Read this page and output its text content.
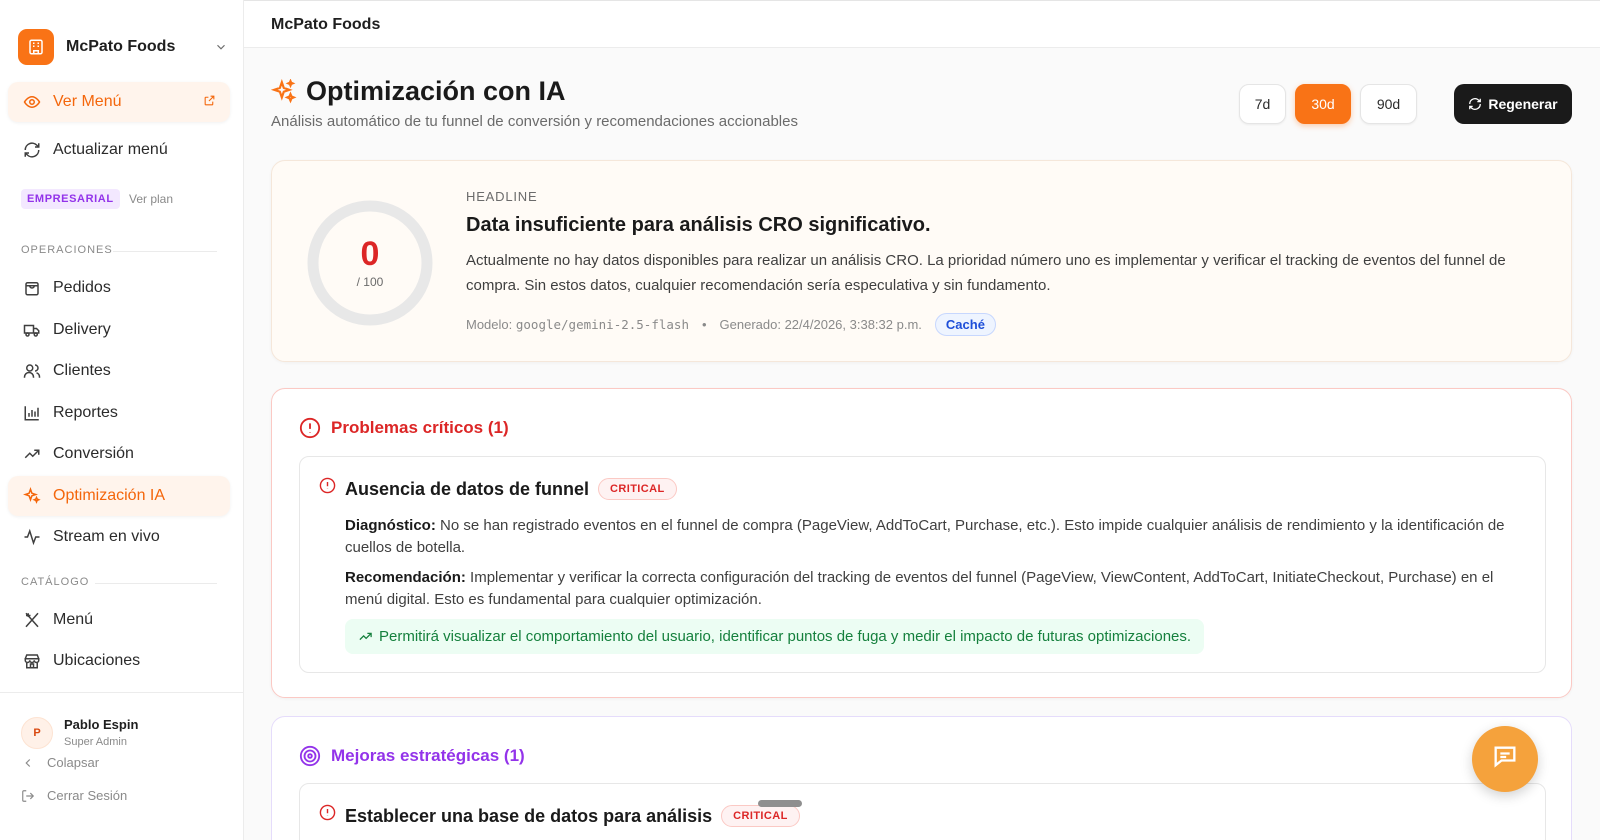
McPato Foods
Ver Menú
Actualizar menú
EMPRESARIAL	Ver plan
OPERACIONES
Pedidos
Delivery
Clientes
Reportes
Conversión
Optimización IA
Stream en vivo
CATÁLOGO
Menú
Ubicaciones
P
Pablo Espin
Super Admin
Colapsar
Cerrar Sesión
McPato Foods
Optimización con IA
Análisis automático de tu funnel de conversión y recomendaciones accionables
7d	30d	90d	Regenerar
0
/ 100
HEADLINE
Data insuficiente para análisis CRO significativo.
Actualmente no hay datos disponibles para realizar un análisis CRO. La prioridad número uno es implementar y verificar el tracking de eventos del funnel de compra. Sin estos datos, cualquier recomendación sería especulativa y sin fundamento.
Modelo:
google/gemini-2.5-flash • Generado: 22/4/2026, 3:38:32 p.m.	Caché
Problemas críticos (1)
Ausencia de datos de funnel	CRITICAL

Diagnóstico: No se han registrado eventos en el funnel de compra (PageView, AddToCart, Purchase, etc.). Esto impide cualquier análisis de rendimiento y la identificación de cuellos de botella.

Recomendación: Implementar y verificar la correcta configuración del tracking de eventos del funnel (PageView, ViewContent, AddToCart, InitiateCheckout, Purchase) en el menú digital. Esto es fundamental para cualquier optimización.

Permitirá visualizar el comportamiento del usuario, identificar puntos de fuga y medir el impacto de futuras optimizaciones.
Mejoras estratégicas (1)
Establecer una base de datos para análisis	CRITICAL
